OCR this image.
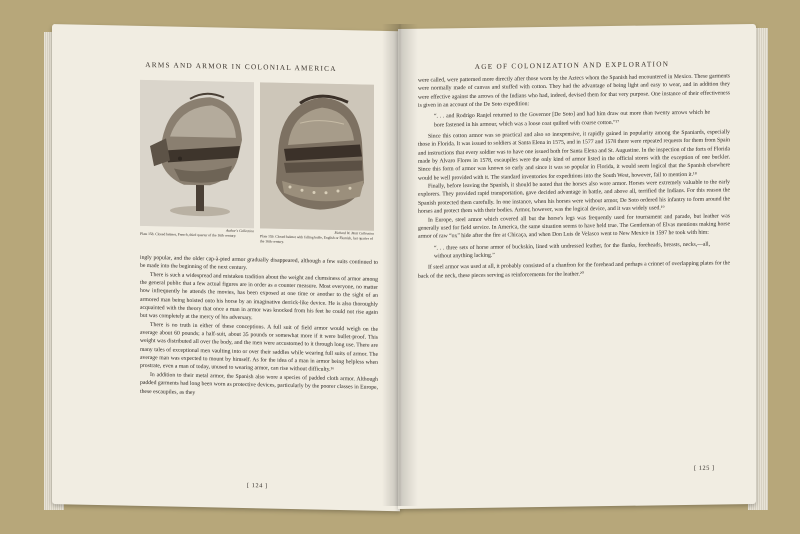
ARMS AND ARMOR IN COLONIAL AMERICA
Author's Collection	Richard W. Mott Collection
Plate 158. Closed helmet, French, third quarter of the 16th century.	Plate 159. Closed helmet with falling buffe, English or Flemish, last quarter of the 16th century.

ingly popular, and the older cap-à-pied armor gradually disappeared, although a few suits continued to be made into the beginning of the next century.

There is such a widespread and mistaken tradition about the weight and clumsiness of armor among the general public that a few actual figures are in order as a counter measure. Most everyone, no matter how infrequently he attends the movies, has been exposed at one time or another to the sight of an armored man being hoisted onto his horse by an imaginative derrick-like device. He is also thoroughly acquainted with the theory that once a man in armor was knocked from his feet he could not rise again but was completely at the mercy of his adversary.

There is no truth in either of these conceptions. A full suit of field armor would weigh on the average about 60 pounds; a half-suit, about 35 pounds or somewhat more if it were bullet-proof. This weight was distributed all over the body, and the men were accustomed to it through long use. There are many tales of exceptional men vaulting into or over their saddles while wearing full suits of armor. The average man was expected to mount by himself. As for the idea of a man in armor being helpless when prostrate, even a man of today, unused to wearing armor, can rise without difficulty.¹⁶

In addition to their metal armor, the Spanish also wore a species of padded cloth armor. Although padded garments had long been worn as protective devices, particularly by the poorer classes in Europe, these escaupiles, as they

[ 124 ]
AGE OF COLONIZATION AND EXPLORATION

were called, were patterned more directly after those worn by the Aztecs whom the Spanish had encountered in Mexico. These garments were normally made of canvas and stuffed with cotton. They had the advantage of being light and easy to wear, and in addition they were effective against the arrows of the Indians who had, indeed, devised them for that very purpose. One instance of their effectiveness is given in an account of the De Soto expedition:

“. . . and Rodrigo Ranjel returned to the Governor [De Soto] and had him draw out more than twenty arrows which he bore fastened in his armour, which was a loose coat quilted with coarse cotton.”¹⁷

Since this cotton armor was so practical and also so inexpensive, it rapidly gained in popularity among the Spaniards, especially those in Florida. It was issued to soldiers at Santa Elena in 1575, and in 1577 and 1578 there were repeated requests for them from Spain and instructions that every soldier was to have one issued both for Santa Elena and St. Augustine. In the inspection of the forts of Florida made by Alvaro Flores in 1578, escaupiles were the only kind of armor listed in the official stores with the exception of one buckler. Since this form of armor was known so early and since it was so popular in Florida, it would seem logical that the Spanish elsewhere would be well provided with it. The standard inventories for expeditions into the South West, however, fail to mention it.¹⁸

Finally, before leaving the Spanish, it should be noted that the horses also wore armor. Horses were extremely valuable to the early explorers. They provided rapid transportation, gave decided advantage in battle, and above all, terrified the Indians. For this reason the Spanish protected them carefully. In one instance, when his horses were without armor, De Soto ordered his infantry to form around the horses and protect them with their bodies. Armor, however, was the logical device, and it was widely used.¹⁹

In Europe, steel armor which covered all but the horse's legs was frequently used for tournament and parade, but leather was generally used for field service. In America, the same situation seems to have held true. The Gentleman of Elvas mentions making horse armor of raw “ox” hide after the fire at Chicaça, and when Don Luis de Velasco went to New Mexico in 1597 he took with him:

“. . . three sets of horse armor of buckskin, lined with undressed leather, for the flanks, foreheads, breasts, necks,—all, without anything lacking.”

If steel armor was used at all, it probably consisted of a chanfron for the forehead and perhaps a crinnet of overlapping plates for the back of the neck, these pieces serving as reinforcements for the leather.²⁰

[ 125 ]
